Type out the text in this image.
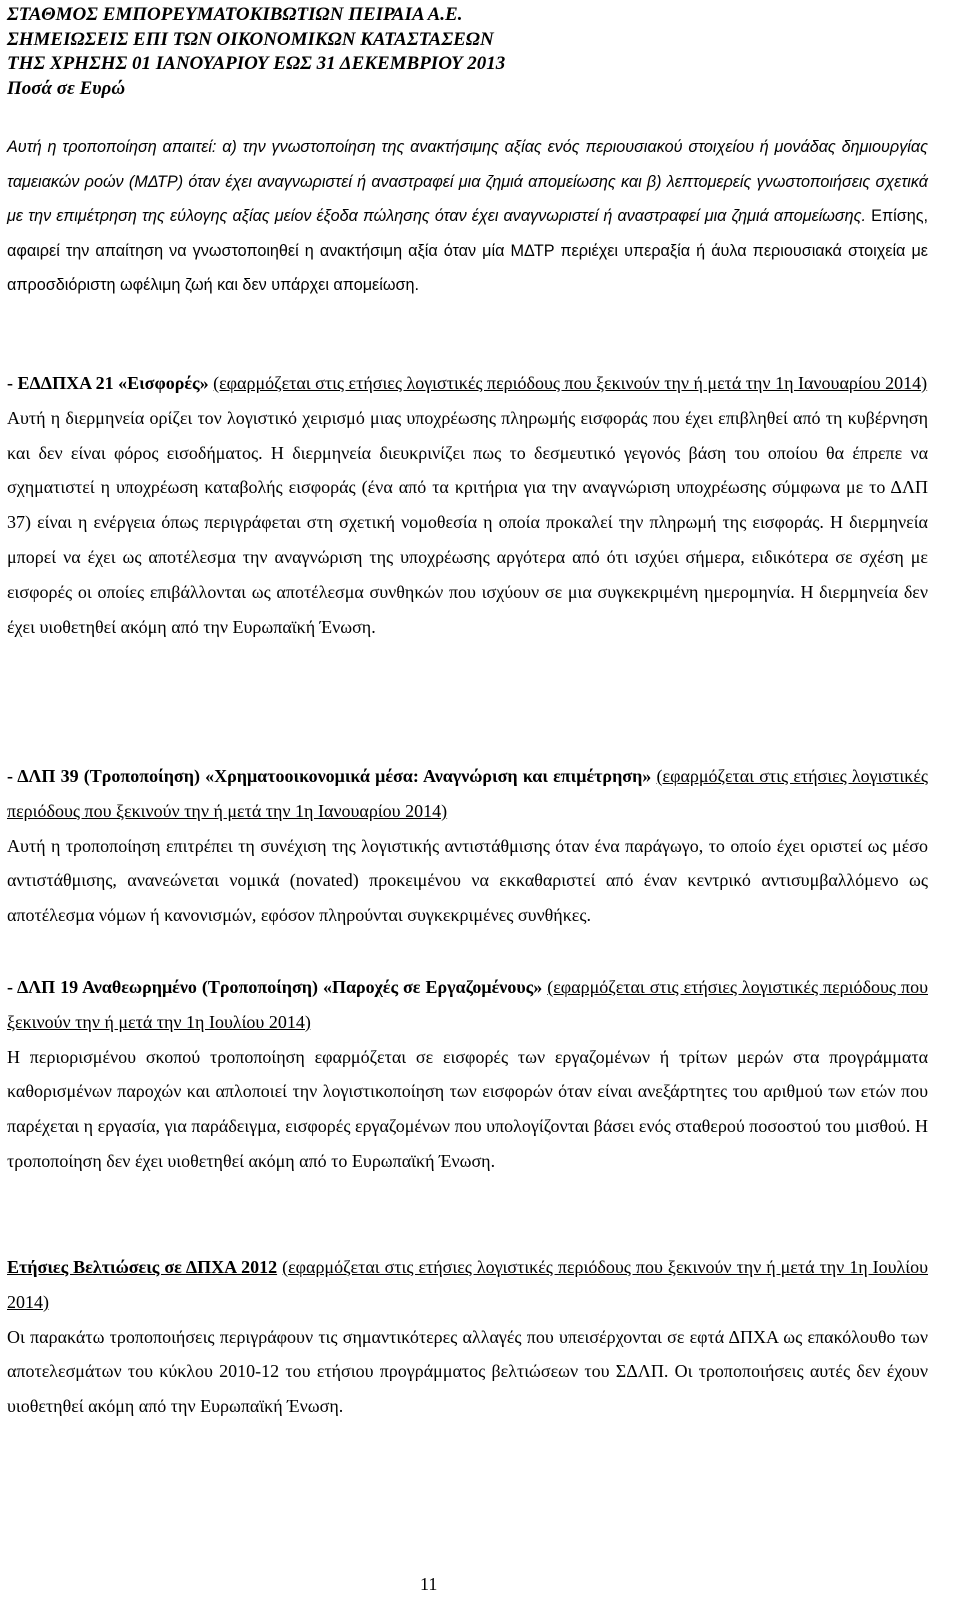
ΣΤΑΘΜΟΣ ΕΜΠΟΡΕΥΜΑΤΟΚΙΒΩΤΙΩΝ ΠΕΙΡΑΙΑ Α.Ε.
ΣΗΜΕΙΩΣΕΙΣ ΕΠΙ ΤΩΝ ΟΙΚΟΝΟΜΙΚΩΝ ΚΑΤΑΣΤΑΣΕΩΝ
ΤΗΣ ΧΡΗΣΗΣ 01 ΙΑΝΟΥΑΡΙΟΥ ΕΩΣ 31 ΔΕΚΕΜΒΡΙΟΥ 2013
Ποσά σε Ευρώ
Αυτή η τροποποίηση απαιτεί: α) την γνωστοποίηση της ανακτήσιμης αξίας ενός περιουσιακού στοιχείου ή μονάδας δημιουργίας ταμειακών ροών (ΜΔΤΡ) όταν έχει αναγνωριστεί ή αναστραφεί μια ζημιά απομείωσης και β) λεπτομερείς γνωστοποιήσεις σχετικά με την επιμέτρηση της εύλογης αξίας μείον έξοδα πώλησης όταν έχει αναγνωριστεί ή αναστραφεί μια ζημιά απομείωσης. Επίσης, αφαιρεί την απαίτηση να γνωστοποιηθεί η ανακτήσιμη αξία όταν μία ΜΔΤΡ περιέχει υπεραξία ή άυλα περιουσιακά στοιχεία με απροσδιόριστη ωφέλιμη ζωή και δεν υπάρχει απομείωση.

- ΕΔΔΠΧΑ 21 «Εισφορές» (εφαρμόζεται στις ετήσιες λογιστικές περιόδους που ξεκινούν την ή μετά την 1η Ιανουαρίου 2014)

Αυτή η διερμηνεία ορίζει τον λογιστικό χειρισμό μιας υποχρέωσης πληρωμής εισφοράς που έχει επιβληθεί από τη κυβέρνηση και δεν είναι φόρος εισοδήματος. Η διερμηνεία διευκρινίζει πως το δεσμευτικό γεγονός βάση του οποίου θα έπρεπε να σχηματιστεί η υποχρέωση καταβολής εισφοράς (ένα από τα κριτήρια για την αναγνώριση υποχρέωσης σύμφωνα με το ΔΛΠ 37) είναι η ενέργεια όπως περιγράφεται στη σχετική νομοθεσία η οποία προκαλεί την πληρωμή της εισφοράς. Η διερμηνεία μπορεί να έχει ως αποτέλεσμα την αναγνώριση της υποχρέωσης αργότερα από ότι ισχύει σήμερα, ειδικότερα σε σχέση με εισφορές οι οποίες επιβάλλονται ως αποτέλεσμα συνθηκών που ισχύουν σε μια συγκεκριμένη ημερομηνία. Η διερμηνεία δεν έχει υιοθετηθεί ακόμη από την Ευρωπαϊκή Ένωση.

- ΔΛΠ 39 (Τροποποίηση) «Χρηματοοικονομικά μέσα: Αναγνώριση και επιμέτρηση» (εφαρμόζεται στις ετήσιες λογιστικές περιόδους που ξεκινούν την ή μετά την 1η Ιανουαρίου 2014)

Αυτή η τροποποίηση επιτρέπει τη συνέχιση της λογιστικής αντιστάθμισης όταν ένα παράγωγο, το οποίο έχει οριστεί ως μέσο αντιστάθμισης, ανανεώνεται νομικά (novated) προκειμένου να εκκαθαριστεί από έναν κεντρικό αντισυμβαλλόμενο ως αποτέλεσμα νόμων ή κανονισμών, εφόσον πληρούνται συγκεκριμένες συνθήκες.

- ΔΛΠ 19 Αναθεωρημένο (Τροποποίηση) «Παροχές σε Εργαζομένους» (εφαρμόζεται στις ετήσιες λογιστικές περιόδους που ξεκινούν την ή μετά την 1η Ιουλίου 2014)

Η περιορισμένου σκοπού τροποποίηση εφαρμόζεται σε εισφορές των εργαζομένων ή τρίτων μερών στα προγράμματα καθορισμένων παροχών και απλοποιεί την λογιστικοποίηση των εισφορών όταν είναι ανεξάρτητες του αριθμού των ετών που παρέχεται η εργασία, για παράδειγμα, εισφορές εργαζομένων που υπολογίζονται βάσει ενός σταθερού ποσοστού του μισθού. Η τροποποίηση δεν έχει υιοθετηθεί ακόμη από το Ευρωπαϊκή Ένωση.

Ετήσιες Βελτιώσεις σε ΔΠΧΑ 2012 (εφαρμόζεται στις ετήσιες λογιστικές περιόδους που ξεκινούν την ή μετά την 1η Ιουλίου 2014)

Οι παρακάτω τροποποιήσεις περιγράφουν τις σημαντικότερες αλλαγές που υπεισέρχονται σε εφτά ΔΠΧΑ ως επακόλουθο των αποτελεσμάτων του κύκλου 2010-12 του ετήσιου προγράμματος βελτιώσεων του ΣΔΛΠ. Οι τροποποιήσεις αυτές δεν έχουν υιοθετηθεί ακόμη από την Ευρωπαϊκή Ένωση.

11
